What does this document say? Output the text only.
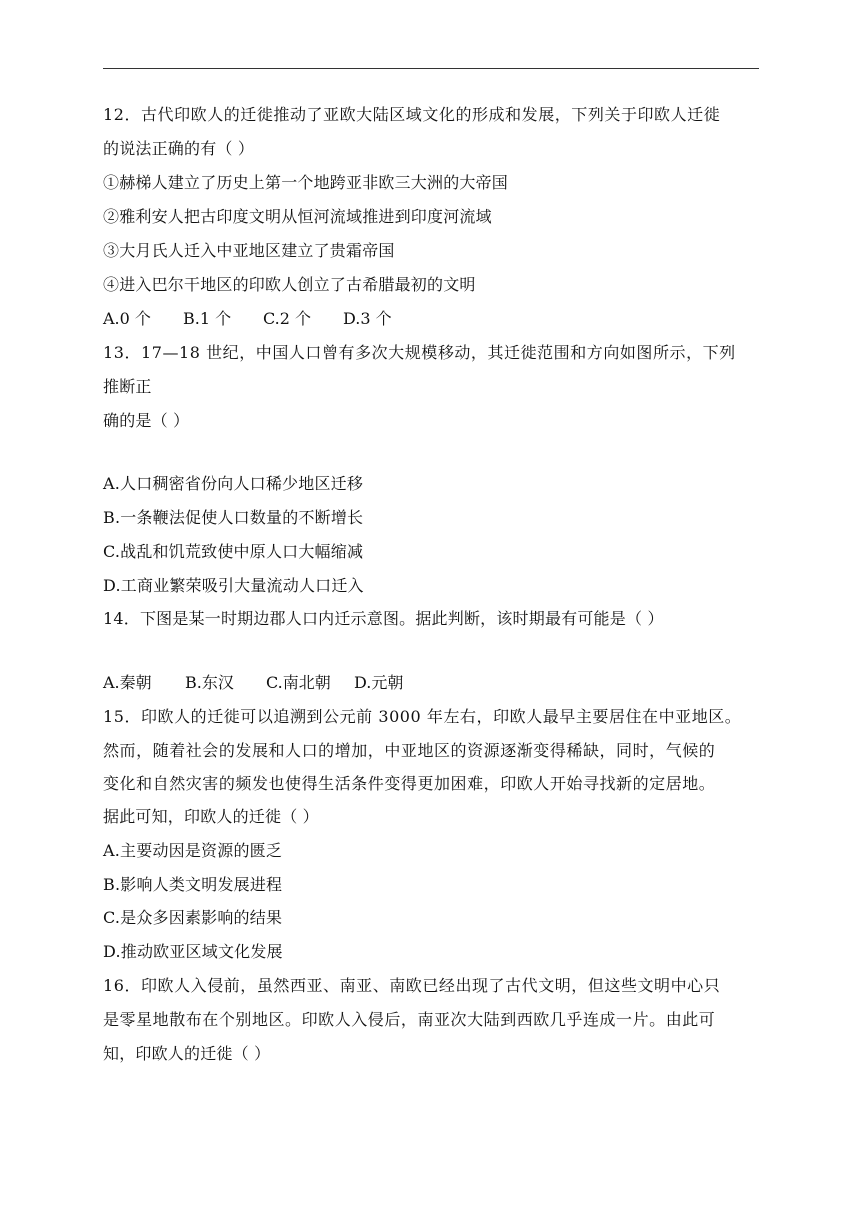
12．古代印欧人的迁徙推动了亚欧大陆区域文化的形成和发展，下列关于印欧人迁徙
的说法正确的有（ ）
①赫梯人建立了历史上第一个地跨亚非欧三大洲的大帝国
②雅利安人把古印度文明从恒河流域推进到印度河流域
③大月氏人迁入中亚地区建立了贵霜帝国
④进入巴尔干地区的印欧人创立了古希腊最初的文明
A.0 个 B.1 个 C.2 个 D.3 个
13．17—18 世纪，中国人口曾有多次大规模移动，其迁徙范围和方向如图所示，下列
推断正
确的是（ ）
A.人口稠密省份向人口稀少地区迁移
B.一条鞭法促使人口数量的不断增长
C.战乱和饥荒致使中原人口大幅缩减
D.工商业繁荣吸引大量流动人口迁入
14．下图是某一时期边郡人口内迁示意图。据此判断，该时期最有可能是（ ）
A.秦朝 B.东汉 C.南北朝 D.元朝
15．印欧人的迁徙可以追溯到公元前 3000 年左右，印欧人最早主要居住在中亚地区。
然而，随着社会的发展和人口的增加，中亚地区的资源逐渐变得稀缺，同时，气候的
变化和自然灾害的频发也使得生活条件变得更加困难，印欧人开始寻找新的定居地。
据此可知，印欧人的迁徙（ ）
A.主要动因是资源的匮乏
B.影响人类文明发展进程
C.是众多因素影响的结果
D.推动欧亚区域文化发展
16．印欧人入侵前，虽然西亚、南亚、南欧已经出现了古代文明，但这些文明中心只
是零星地散布在个别地区。印欧人入侵后，南亚次大陆到西欧几乎连成一片。由此可
知，印欧人的迁徙（ ）
